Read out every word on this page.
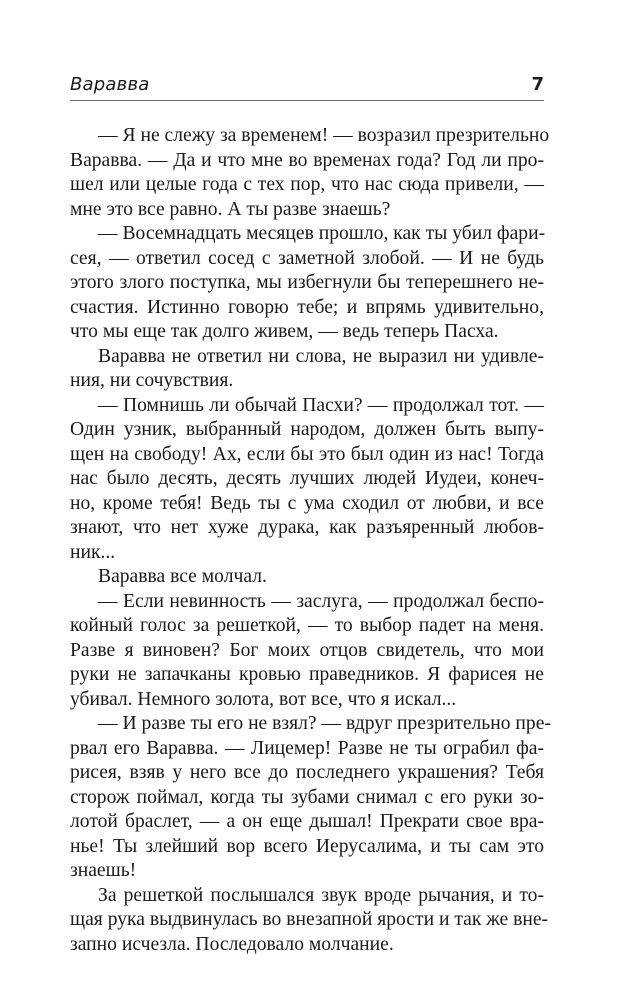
Варавва	7
— Я не слежу за временем! — возразил презрительно
Варавва. — Да и что мне во временах года? Год ли про-
шел или целые года с тех пор, что нас сюда привели, —
мне это все равно. А ты разве знаешь?
— Восемнадцать месяцев прошло, как ты убил фари-
сея, — ответил сосед с заметной злобой. — И не будь
этого злого поступка, мы избегнули бы теперешнего не-
счастия. Истинно говорю тебе; и впрямь удивительно,
что мы еще так долго живем, — ведь теперь Пасха.
Варавва не ответил ни слова, не выразил ни удивле-
ния, ни сочувствия.
— Помнишь ли обычай Пасхи? — продолжал тот. —
Один узник, выбранный народом, должен быть выпу-
щен на свободу! Ах, если бы это был один из нас! Тогда
нас было десять, десять лучших людей Иудеи, конеч-
но, кроме тебя! Ведь ты с ума сходил от любви, и все
знают, что нет хуже дурака, как разъяренный любов-
ник...
Варавва все молчал.
— Если невинность — заслуга, — продолжал беспо-
койный голос за решеткой, — то выбор падет на меня.
Разве я виновен? Бог моих отцов свидетель, что мои
руки не запачканы кровью праведников. Я фарисея не
убивал. Немного золота, вот все, что я искал...
— И разве ты его не взял? — вдруг презрительно пре-
рвал его Варавва. — Лицемер! Разве не ты ограбил фа-
рисея, взяв у него все до последнего украшения? Тебя
сторож поймал, когда ты зубами снимал с его руки зо-
лотой браслет, — а он еще дышал! Прекрати свое вра-
нье! Ты злейший вор всего Иерусалима, и ты сам это
знаешь!
За решеткой послышался звук вроде рычания, и то-
щая рука выдвинулась во внезапной ярости и так же вне-
запно исчезла. Последовало молчание.
